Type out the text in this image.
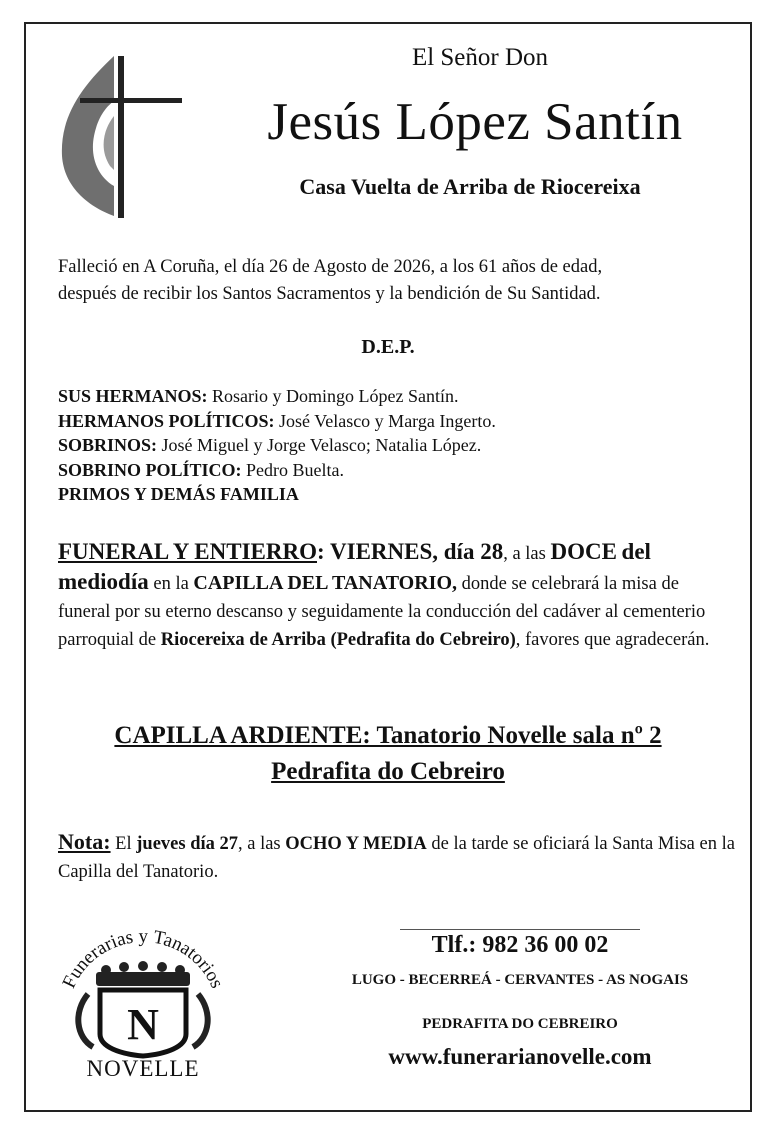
El Señor Don
Jesús López Santín
Casa Vuelta de Arriba de Riocereixa
Falleció en A Coruña, el día 26 de Agosto de 2026, a los 61 años de edad,
después de recibir los Santos Sacramentos y la bendición de Su Santidad.
D.E.P.
SUS HERMANOS: Rosario y Domingo López Santín.
HERMANOS POLÍTICOS: José Velasco y Marga Ingerto.
SOBRINOS: José Miguel y Jorge Velasco; Natalia López.
SOBRINO POLÍTICO: Pedro Buelta.
PRIMOS Y DEMÁS FAMILIA
FUNERAL Y ENTIERRO: VIERNES, día 28, a las DOCE del mediodía en la CAPILLA DEL TANATORIO, donde se celebrará la misa de funeral por su eterno descanso y seguidamente la conducción del cadáver al cementerio parroquial de Riocereixa de Arriba (Pedrafita do Cebreiro), favores que agradecerán.
CAPILLA ARDIENTE: Tanatorio Novelle sala nº 2
Pedrafita do Cebreiro
Nota: El jueves día 27, a las OCHO Y MEDIA de la tarde se oficiará la Santa Misa en la Capilla del Tanatorio.
Funerarias y Tanatorios
N
NOVELLE
Tlf.: 982 36 00 02
LUGO - BECERREÁ - CERVANTES - AS NOGAIS
PEDRAFITA DO CEBREIRO
www.funerarianovelle.com
